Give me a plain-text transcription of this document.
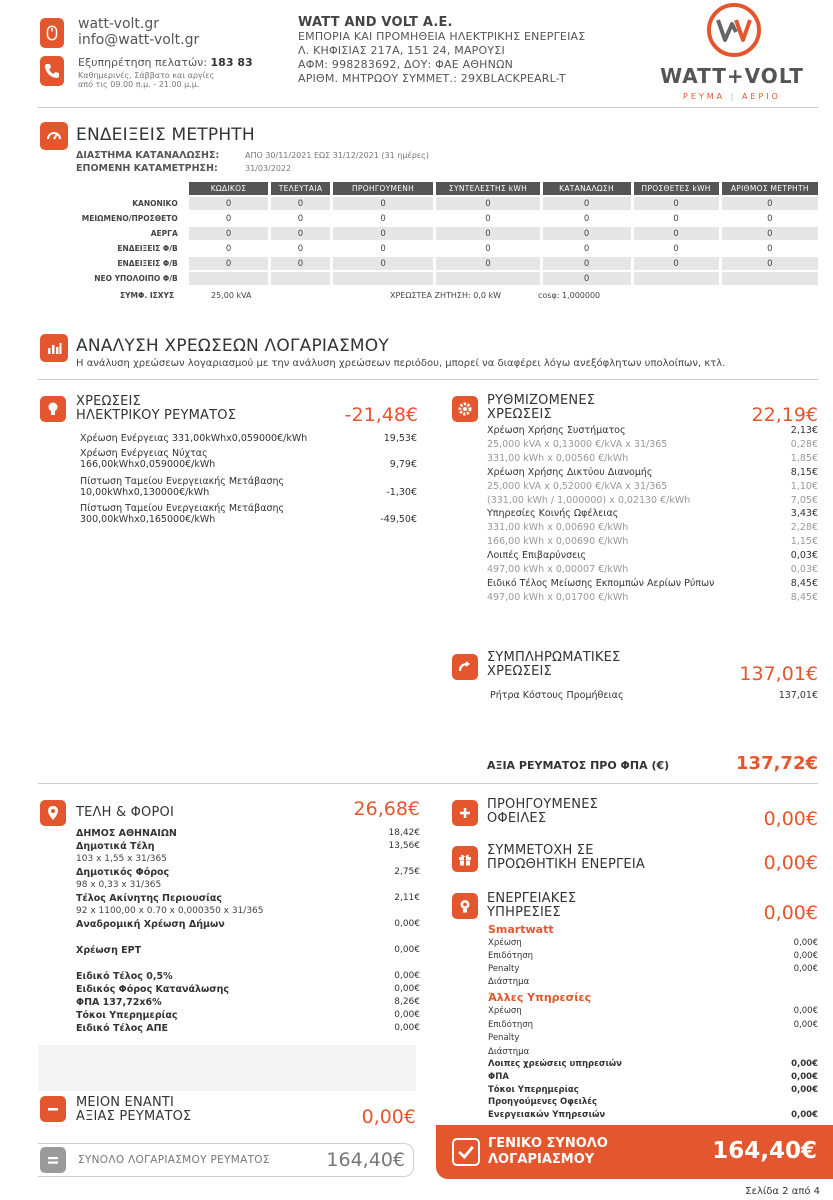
watt-volt.gr
info@watt-volt.gr
Εξυπηρέτηση πελατών: 183 83
Καθημερινές, Σάββατο και αργίες
από τις 09.00 π.μ. - 21.00 μ.μ.
WATT AND VOLT A.E.
ΕΜΠΟΡΙΑ ΚΑΙ ΠΡΟΜΗΘΕΙΑ ΗΛΕΚΤΡΙΚΗΣ ΕΝΕΡΓΕΙΑΣ
Λ. ΚΗΦΙΣΙΑΣ 217Α, 151 24, ΜΑΡΟΥΣΙ
ΑΦΜ: 998283692, ΔΟΥ: ΦΑΕ ΑΘΗΝΩΝ
ΑΡΙΘΜ. ΜΗΤΡΩΟΥ ΣΥΜΜΕΤ.: 29XBLACKPEARL-T	WATT+VOLT
ΡΕΥΜΑ | ΑΕΡΙΟ
ΕΝΔΕΙΞΕΙΣ ΜΕΤΡΗΤΗ
ΔΙΑΣΤΗΜΑ ΚΑΤΑΝΑΛΩΣΗΣ:	ΑΠΟ 30/11/2021 ΕΩΣ 31/12/2021 (31 ημέρες)
ΕΠΟΜΕΝΗ ΚΑΤΑΜΕΤΡΗΣΗ:	31/03/2022
	ΚΩΔΙΚΟΣ	ΤΕΛΕΥΤΑΙΑ	ΠΡΟΗΓΟΥΜΕΝΗ	ΣΥΝΤΕΛΕΣΤΗΣ kWH	ΚΑΤΑΝΑΛΩΣΗ	ΠΡΟΣΘΕΤΕΣ kWH	ΑΡΙΘΜΟΣ ΜΕΤΡΗΤΗ
ΚΑΝΟΝΙΚΟ	0	0	0	0	0	0	0
ΜΕΙΩΜΕΝΟ/ΠΡΟΣΘΕΤΟ	0	0	0	0	0	0	0
ΑΕΡΓΑ	0	0	0	0	0	0	0
ΕΝΔΕΙΞΕΙΣ Φ/Β	0	0	0	0	0	0	0
ΕΝΔΕΙΞΕΙΣ Φ/Β	0	0	0	0	0	0	0
ΝΕΟ ΥΠΟΛΟΙΠΟ Φ/Β					0		
ΣΥΜΦ. ΙΣΧΥΣ	25,00 kVA	ΧΡΕΩΣΤΕΑ ΖΗΤΗΣΗ: 0,0 kW	cosφ: 1,000000
ΑΝΑΛΥΣΗ ΧΡΕΩΣΕΩΝ ΛΟΓΑΡΙΑΣΜΟΥ
Η ανάλυση χρεώσεων λογαριασμού με την ανάλυση χρεώσεων περιόδου, μπορεί να διαφέρει λόγω ανεξόφλητων υπολοίπων, κτλ.
ΧΡΕΩΣΕΙΣ
ΗΛΕΚΤΡΙΚΟΥ ΡΕΥΜΑΤΟΣ	-21,48€
Χρέωση Ενέργειας 331,00kWhx0,059000€/kWh	19,53€
Χρέωση Ενέργειας Νύχτας
166,00kWhx0,059000€/kWh	9,79€
Πίστωση Ταμείου Ενεργειακής Μετάβασης
10,00kWhx0,130000€/kWh	-1,30€
Πίστωση Ταμείου Ενεργειακής Μετάβασης
300,00kWhx0,165000€/kWh	-49,50€
ΡΥΘΜΙΖΟΜΕΝΕΣ
ΧΡΕΩΣΕΙΣ	22,19€
Χρέωση Χρήσης Συστήματος	2,13€
25,000 kVA x 0,13000 €/kVA x 31/365	0,28€
331,00 kWh x 0,00560 €/kWh	1,85€
Χρέωση Χρήσης Δικτύου Διανομής	8,15€
25,000 kVA x 0,52000 €/kVA x 31/365	1,10€
(331,00 kWh / 1,000000) x 0,02130 €/kWh	7,05€
Υπηρεσίες Κοινής Ωφέλειας	3,43€
331,00 kWh x 0,00690 €/kWh	2,28€
166,00 kWh x 0,00690 €/kWh	1,15€
Λοιπές Επιβαρύνσεις	0,03€
497,00 kWh x 0,00007 €/kWh	0,03€
Ειδικό Τέλος Μείωσης Εκπομπών Αερίων Ρύπων	8,45€
497,00 kWh x 0,01700 €/kWh	8,45€
ΣΥΜΠΛΗΡΩΜΑΤΙΚΕΣ
ΧΡΕΩΣΕΙΣ	137,01€
Ρήτρα Κόστους Προμήθειας	137,01€
ΑΞΙΑ ΡΕΥΜΑΤΟΣ ΠΡΟ ΦΠΑ (€)	137,72€
ΤΕΛΗ & ΦΟΡΟΙ	26,68€
ΔΗΜΟΣ ΑΘΗΝΑΙΩΝ	18,42€
Δημοτικά Τέλη	13,56€
103 x 1,55 x 31/365
Δημοτικός Φόρος	2,75€
98 x 0,33 x 31/365
Τέλος Ακίνητης Περιουσίας	2,11€
92 x 1100,00 x 0.70 x 0,000350 x 31/365
Αναδρομική Χρέωση Δήμων	0,00€
Χρέωση ΕΡΤ	0,00€
Ειδικό Τέλος 0,5%	0,00€
Ειδικός Φόρος Κατανάλωσης	0,00€
ΦΠΑ 137,72x6%	8,26€
Τόκοι Υπερημερίας	0,00€
Ειδικό Τέλος ΑΠΕ	0,00€
ΜΕΙΟΝ ΕΝΑΝΤΙ
ΑΞΙΑΣ ΡΕΥΜΑΤΟΣ	0,00€
ΣΥΝΟΛΟ ΛΟΓΑΡΙΑΣΜΟΥ ΡΕΥΜΑΤΟΣ	164,40€
ΠΡΟΗΓΟΥΜΕΝΕΣ
ΟΦΕΙΛΕΣ	0,00€
ΣΥΜΜΕΤΟΧΗ ΣΕ
ΠΡΟΩΘΗΤΙΚΗ ΕΝΕΡΓΕΙΑ	0,00€
ΕΝΕΡΓΕΙΑΚΕΣ
ΥΠΗΡΕΣΙΕΣ	0,00€
Smartwatt
Χρέωση	0,00€
Επιδότηση	0,00€
Penalty	0,00€
Διάστημα
Άλλες Υπηρεσίες
Χρέωση	0,00€
Επιδότηση	0,00€
Penalty
Διάστημα
Λοιπες χρεώσεις υπηρεσιών	0,00€
ΦΠΑ	0,00€
Τόκοι Υπερημερίας	0,00€
Προηγούμενες Οφειλές
Ενεργειακών Υπηρεσιών	0,00€
ΓΕΝΙΚΟ ΣΥΝΟΛΟ
ΛΟΓΑΡΙΑΣΜΟΥ	164,40€
Σελίδα 2 από 4
